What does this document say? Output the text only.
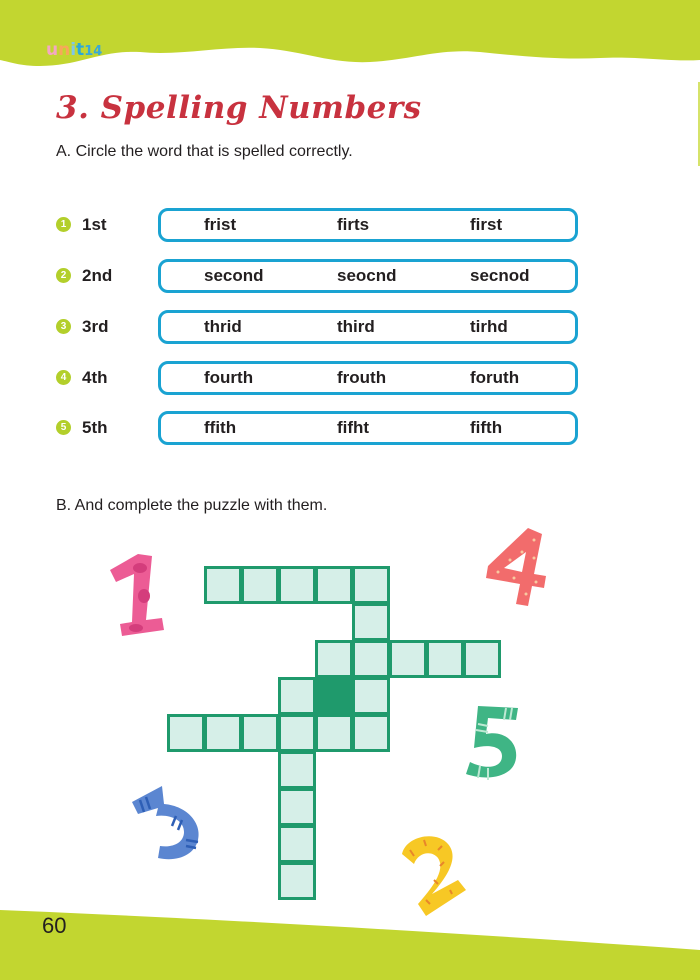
unit14
3. Spelling Numbers
A. Circle the word that is spelled correctly.
1 1st	frist	firts	first
2 2nd	second	seocnd	secnod
3 3rd	thrid	third	tirhd
4 4th	fourth	frouth	foruth
5 5th	ffith	fifht	fifth
B. And complete the puzzle with them.
60
